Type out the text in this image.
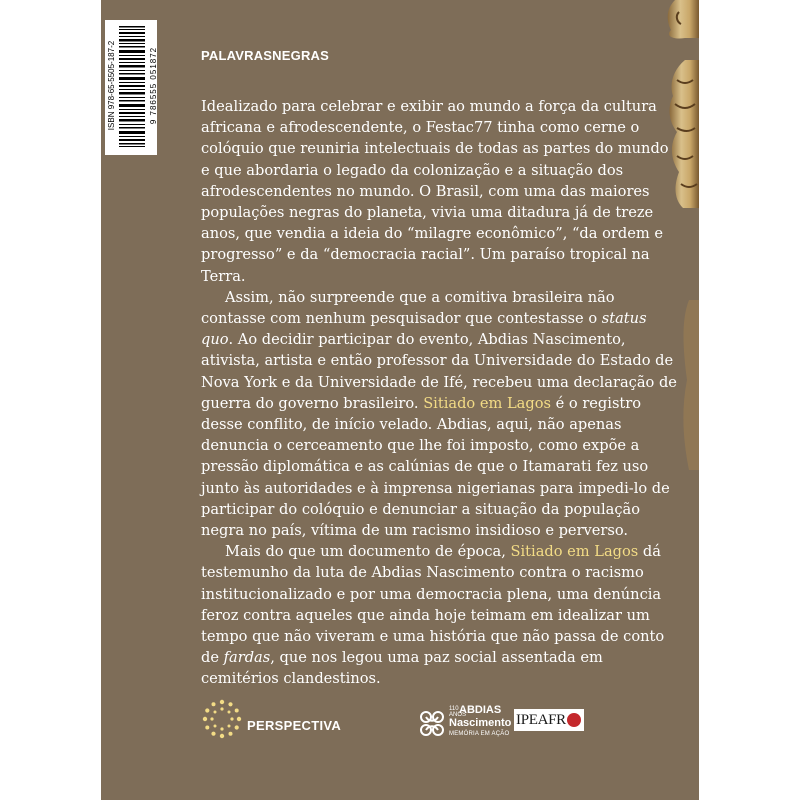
ISBN 978-65-5505-187-2	9 786555 051872	PALAVRASNEGRAS

Idealizado para celebrar e exibir ao mundo a força da cultura africana e afrodescendente, o Festac77 tinha como cerne o colóquio que reuniria intelectuais de todas as partes do mundo e que abordaria o legado da colonização e a situação dos afrodescendentes no mundo. O Brasil, com uma das maiores populações negras do planeta, vivia uma ditadura já de treze anos, que vendia a ideia do “milagre econômico”, “da ordem e progresso” e da “democracia racial”. Um paraíso tropical na Terra.

Assim, não surpreende que a comitiva brasileira não contasse com nenhum pesquisador que contestasse o status quo. Ao decidir participar do evento, Abdias Nascimento, ativista, artista e então professor da Universidade do Estado de Nova York e da Universidade de Ifé, recebeu uma declaração de guerra do governo brasileiro. Sitiado em Lagos é o registro desse conflito, de início velado. Abdias, aqui, não apenas denuncia o cerceamento que lhe foi imposto, como expõe a pressão diplomática e as calúnias de que o Itamarati fez uso junto às autoridades e à imprensa nigerianas para impedi-lo de participar do colóquio e denunciar a situação da população negra no país, vítima de um racismo insidioso e perverso.

Mais do que um documento de época, Sitiado em Lagos dá testemunho da luta de Abdias Nascimento contra o racismo institucionalizado e por uma democracia plena, uma denúncia feroz contra aqueles que ainda hoje teimam em idealizar um tempo que não viveram e uma história que não passa de conto de fardas, que nos legou uma paz social assentada em cemitérios clandestinos.

PERSPECTIVA
110 ANOS
ABDIAS
Nascimento
MEMÓRIA EM AÇÃO
IPEAFR
